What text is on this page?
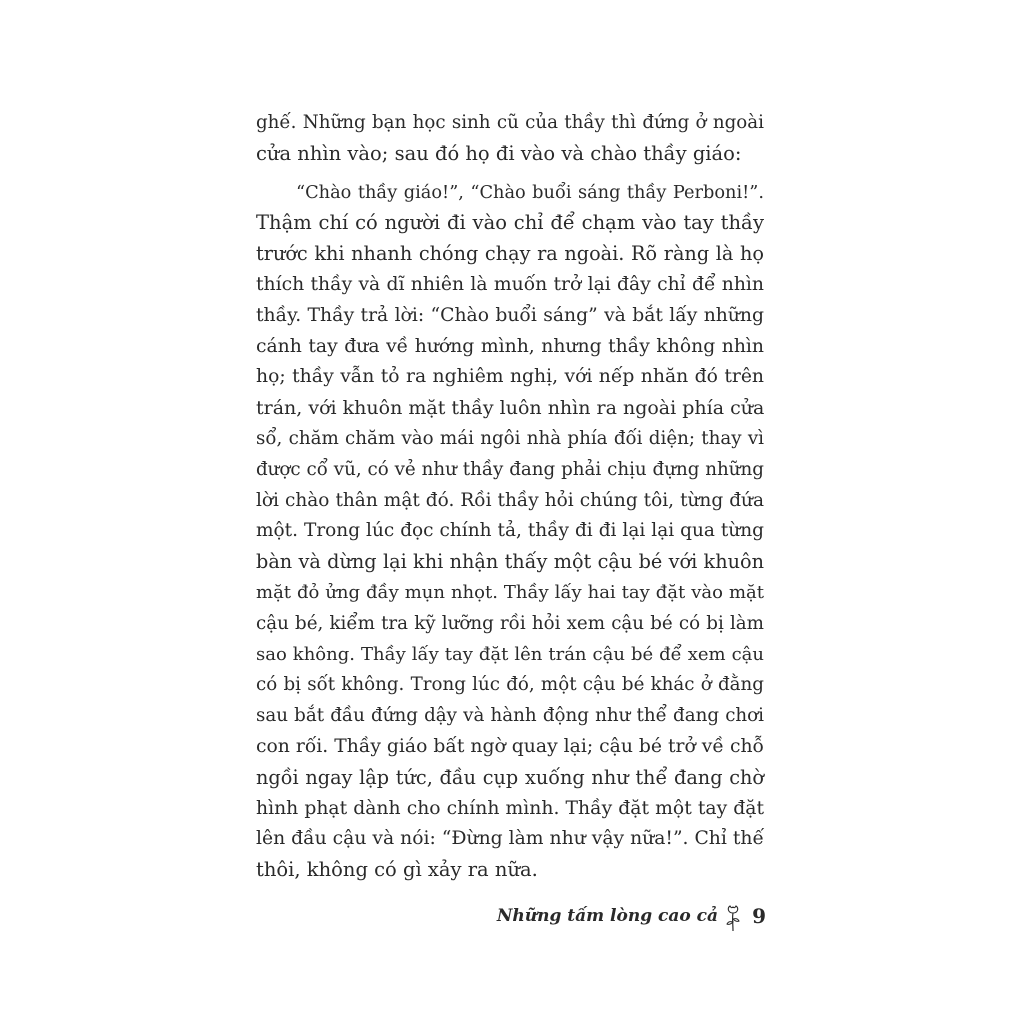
ghế. Những bạn học sinh cũ của thầy thì đứng ở ngoài
cửa nhìn vào; sau đó họ đi vào và chào thầy giáo:
“Chào thầy giáo!”, “Chào buổi sáng thầy Perboni!”.
Thậm chí có người đi vào chỉ để chạm vào tay thầy
trước khi nhanh chóng chạy ra ngoài. Rõ ràng là họ
thích thầy và dĩ nhiên là muốn trở lại đây chỉ để nhìn
thầy. Thầy trả lời: “Chào buổi sáng” và bắt lấy những
cánh tay đưa về hướng mình, nhưng thầy không nhìn
họ; thầy vẫn tỏ ra nghiêm nghị, với nếp nhăn đó trên
trán, với khuôn mặt thầy luôn nhìn ra ngoài phía cửa
sổ, chăm chăm vào mái ngôi nhà phía đối diện; thay vì
được cổ vũ, có vẻ như thầy đang phải chịu đựng những
lời chào thân mật đó. Rồi thầy hỏi chúng tôi, từng đứa
một. Trong lúc đọc chính tả, thầy đi đi lại lại qua từng
bàn và dừng lại khi nhận thấy một cậu bé với khuôn
mặt đỏ ửng đầy mụn nhọt. Thầy lấy hai tay đặt vào mặt
cậu bé, kiểm tra kỹ lưỡng rồi hỏi xem cậu bé có bị làm
sao không. Thầy lấy tay đặt lên trán cậu bé để xem cậu
có bị sốt không. Trong lúc đó, một cậu bé khác ở đằng
sau bắt đầu đứng dậy và hành động như thể đang chơi
con rối. Thầy giáo bất ngờ quay lại; cậu bé trở về chỗ
ngồi ngay lập tức, đầu cụp xuống như thể đang chờ
hình phạt dành cho chính mình. Thầy đặt một tay đặt
lên đầu cậu và nói: “Đừng làm như vậy nữa!”. Chỉ thế
thôi, không có gì xảy ra nữa.
Những tấm lòng cao cả 9
